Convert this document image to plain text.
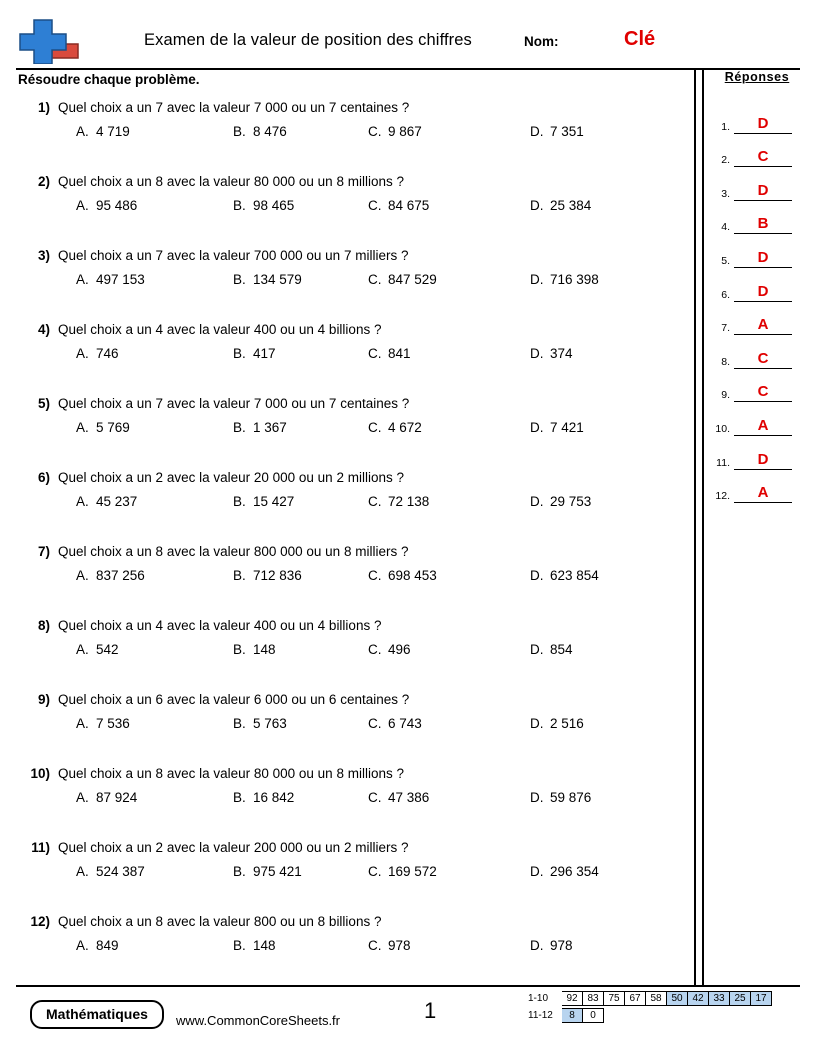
Examen de la valeur de position des chiffres	Nom:	Clé
Résoudre chaque problème.
1) Quel choix a un 7 avec la valeur 7 000 ou un 7 centaines ?
A. 4 719	B. 8 476	C. 9 867	D. 7 351
2) Quel choix a un 8 avec la valeur 80 000 ou un 8 millions ?
A. 95 486	B. 98 465	C. 84 675	D. 25 384
3) Quel choix a un 7 avec la valeur 700 000 ou un 7 milliers ?
A. 497 153	B. 134 579	C. 847 529	D. 716 398
4) Quel choix a un 4 avec la valeur 400 ou un 4 billions ?
A. 746	B. 417	C. 841	D. 374
5) Quel choix a un 7 avec la valeur 7 000 ou un 7 centaines ?
A. 5 769	B. 1 367	C. 4 672	D. 7 421
6) Quel choix a un 2 avec la valeur 20 000 ou un 2 millions ?
A. 45 237	B. 15 427	C. 72 138	D. 29 753
7) Quel choix a un 8 avec la valeur 800 000 ou un 8 milliers ?
A. 837 256	B. 712 836	C. 698 453	D. 623 854
8) Quel choix a un 4 avec la valeur 400 ou un 4 billions ?
A. 542	B. 148	C. 496	D. 854
9) Quel choix a un 6 avec la valeur 6 000 ou un 6 centaines ?
A. 7 536	B. 5 763	C. 6 743	D. 2 516
10) Quel choix a un 8 avec la valeur 80 000 ou un 8 millions ?
A. 87 924	B. 16 842	C. 47 386	D. 59 876
11) Quel choix a un 2 avec la valeur 200 000 ou un 2 milliers ?
A. 524 387	B. 975 421	C. 169 572	D. 296 354
12) Quel choix a un 8 avec la valeur 800 ou un 8 billions ?
A. 849	B. 148	C. 978	D. 978
Réponses
1.	D
2.	C
3.	D
4.	B
5.	D
6.	D
7.	A
8.	C
9.	C
10.	A
11.	D
12.	A
Mathématiques	www.CommonCoreSheets.fr	1	1-10	92 83 75 67 58 50 42 33 25 17
11-12	8	0
